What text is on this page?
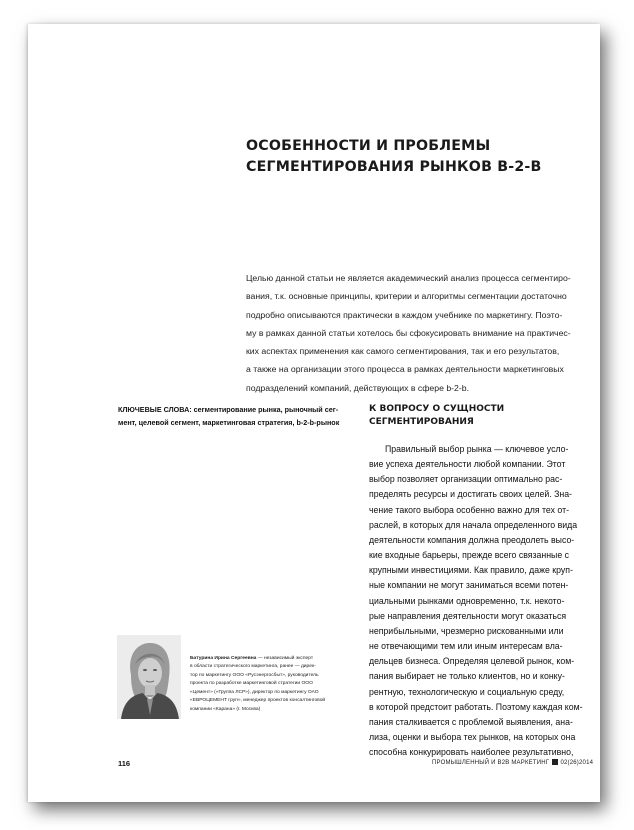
ОСОБЕННОСТИ И ПРОБЛЕМЫ
СЕГМЕНТИРОВАНИЯ РЫНКОВ B-2-B
Целью данной статьи не является академический анализ процесса сегментиро-
вания, т.к. основные принципы, критерии и алгоритмы сегментации достаточно
подробно описываются практически в каждом учебнике по маркетингу. Поэто-
му в рамках данной статьи хотелось бы сфокусировать внимание на практичес-
ких аспектах применения как самого сегментирования, так и его результатов,
а также на организации этого процесса в рамках деятельности маркетинговых
подразделений компаний, действующих в сфере b-2-b.
КЛЮЧЕВЫЕ СЛОВА: сегментирование рынка, рыночный сег-
мент, целевой сегмент, маркетинговая стратегия, b-2-b-рынок
К ВОПРОСУ О СУЩНОСТИ
СЕГМЕНТИРОВАНИЯ
Правильный выбор рынка — ключевое усло-
вие успеха деятельности любой компании. Этот
выбор позволяет организации оптимально рас-
пределять ресурсы и достигать своих целей. Зна-
чение такого выбора особенно важно для тех от-
раслей, в которых для начала определенного вида
деятельности компания должна преодолеть высо-
кие входные барьеры, прежде всего связанные с
крупными инвестициями. Как правило, даже круп-
ные компании не могут заниматься всеми потен-
циальными рынками одновременно, т.к. некото-
рые направления деятельности могут оказаться
неприбыльными, чрезмерно рискованными или
не отвечающими тем или иным интересам вла-
дельцев бизнеса. Определяя целевой рынок, ком-
пания выбирает не только клиентов, но и конку-
рентную, технологическую и социальную среду,
в которой предстоит работать. Поэтому каждая ком-
пания сталкивается с проблемой выявления, ана-
лиза, оценки и выбора тех рынков, на которых она
способна конкурировать наиболее результативно,
Батурина Ирина Сергеевна — независимый эксперт
в области стратегического маркетинга, ранее — дирек-
тор по маркетингу ООО «Русэнергосбыт», руководитель
проекта по разработке маркетинговой стратегии ООО
«Цемент» («Группа ЛСР»), директор по маркетингу ОАО
«ЕВРОЦЕМЕНТ груп», менеджер проектов консалтинговой
компании «Карана» (г. Москва)
116	ПРОМЫШЛЕННЫЙ И B2B МАРКЕТИНГ 02(26)2014
